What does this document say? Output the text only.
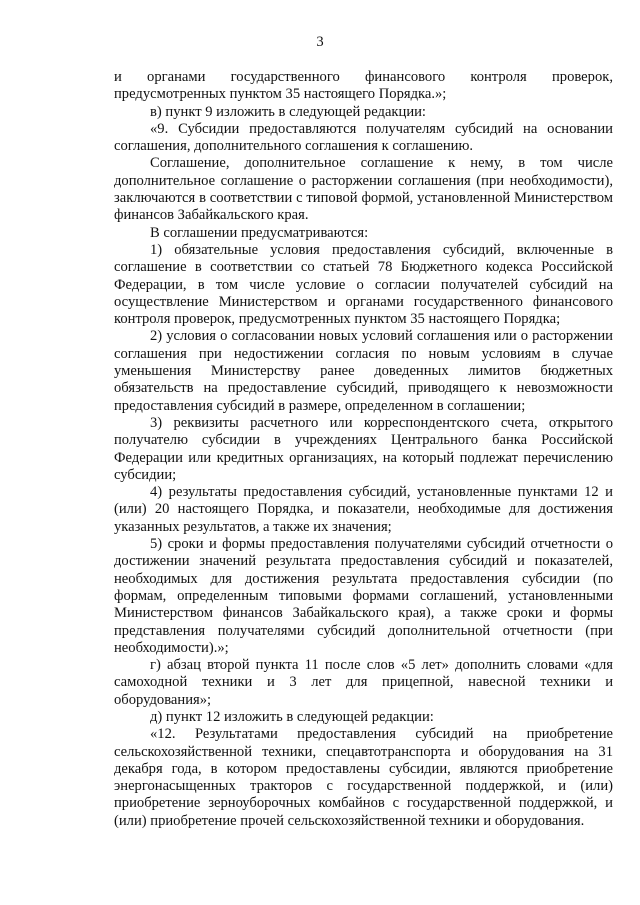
3

и органами государственного финансового контроля проверок, предусмотренных пунктом 35 настоящего Порядка.»;

в) пункт 9 изложить в следующей редакции:

«9. Субсидии предоставляются получателям субсидий на основании соглашения, дополнительного соглашения к соглашению.

Соглашение, дополнительное соглашение к нему, в том числе дополнительное соглашение о расторжении соглашения (при необходимости), заключаются в соответствии с типовой формой, установленной Министерством финансов Забайкальского края.

В соглашении предусматриваются:

1) обязательные условия предоставления субсидий, включенные в соглашение в соответствии со статьей 78 Бюджетного кодекса Российской Федерации, в том числе условие о согласии получателей субсидий на осуществление Министерством и органами государственного финансового контроля проверок, предусмотренных пунктом 35 настоящего Порядка;

2) условия о согласовании новых условий соглашения или о расторжении соглашения при недостижении согласия по новым условиям в случае уменьшения Министерству ранее доведенных лимитов бюджетных обязательств на предоставление субсидий, приводящего к невозможности предоставления субсидий в размере, определенном в соглашении;

3) реквизиты расчетного или корреспондентского счета, открытого получателю субсидии в учреждениях Центрального банка Российской Федерации или кредитных организациях, на который подлежат перечислению субсидии;

4) результаты предоставления субсидий, установленные пунктами 12 и (или) 20 настоящего Порядка, и показатели, необходимые для достижения указанных результатов, а также их значения;

5) сроки и формы предоставления получателями субсидий отчетности о достижении значений результата предоставления субсидий и показателей, необходимых для достижения результата предоставления субсидии (по формам, определенным типовыми формами соглашений, установленными Министерством финансов Забайкальского края), а также сроки и формы представления получателями субсидий дополнительной отчетности (при необходимости).»;

г) абзац второй пункта 11 после слов «5 лет» дополнить словами «для самоходной техники и 3 лет для прицепной, навесной техники и оборудования»;

д) пункт 12 изложить в следующей редакции:

«12. Результатами предоставления субсидий на приобретение сельскохозяйственной техники, спецавтотранспорта и оборудования на 31 декабря года, в котором предоставлены субсидии, являются приобретение энергонасыщенных тракторов с государственной поддержкой, и (или) приобретение зерноуборочных комбайнов с государственной поддержкой, и (или) приобретение прочей сельскохозяйственной техники и оборудования.
